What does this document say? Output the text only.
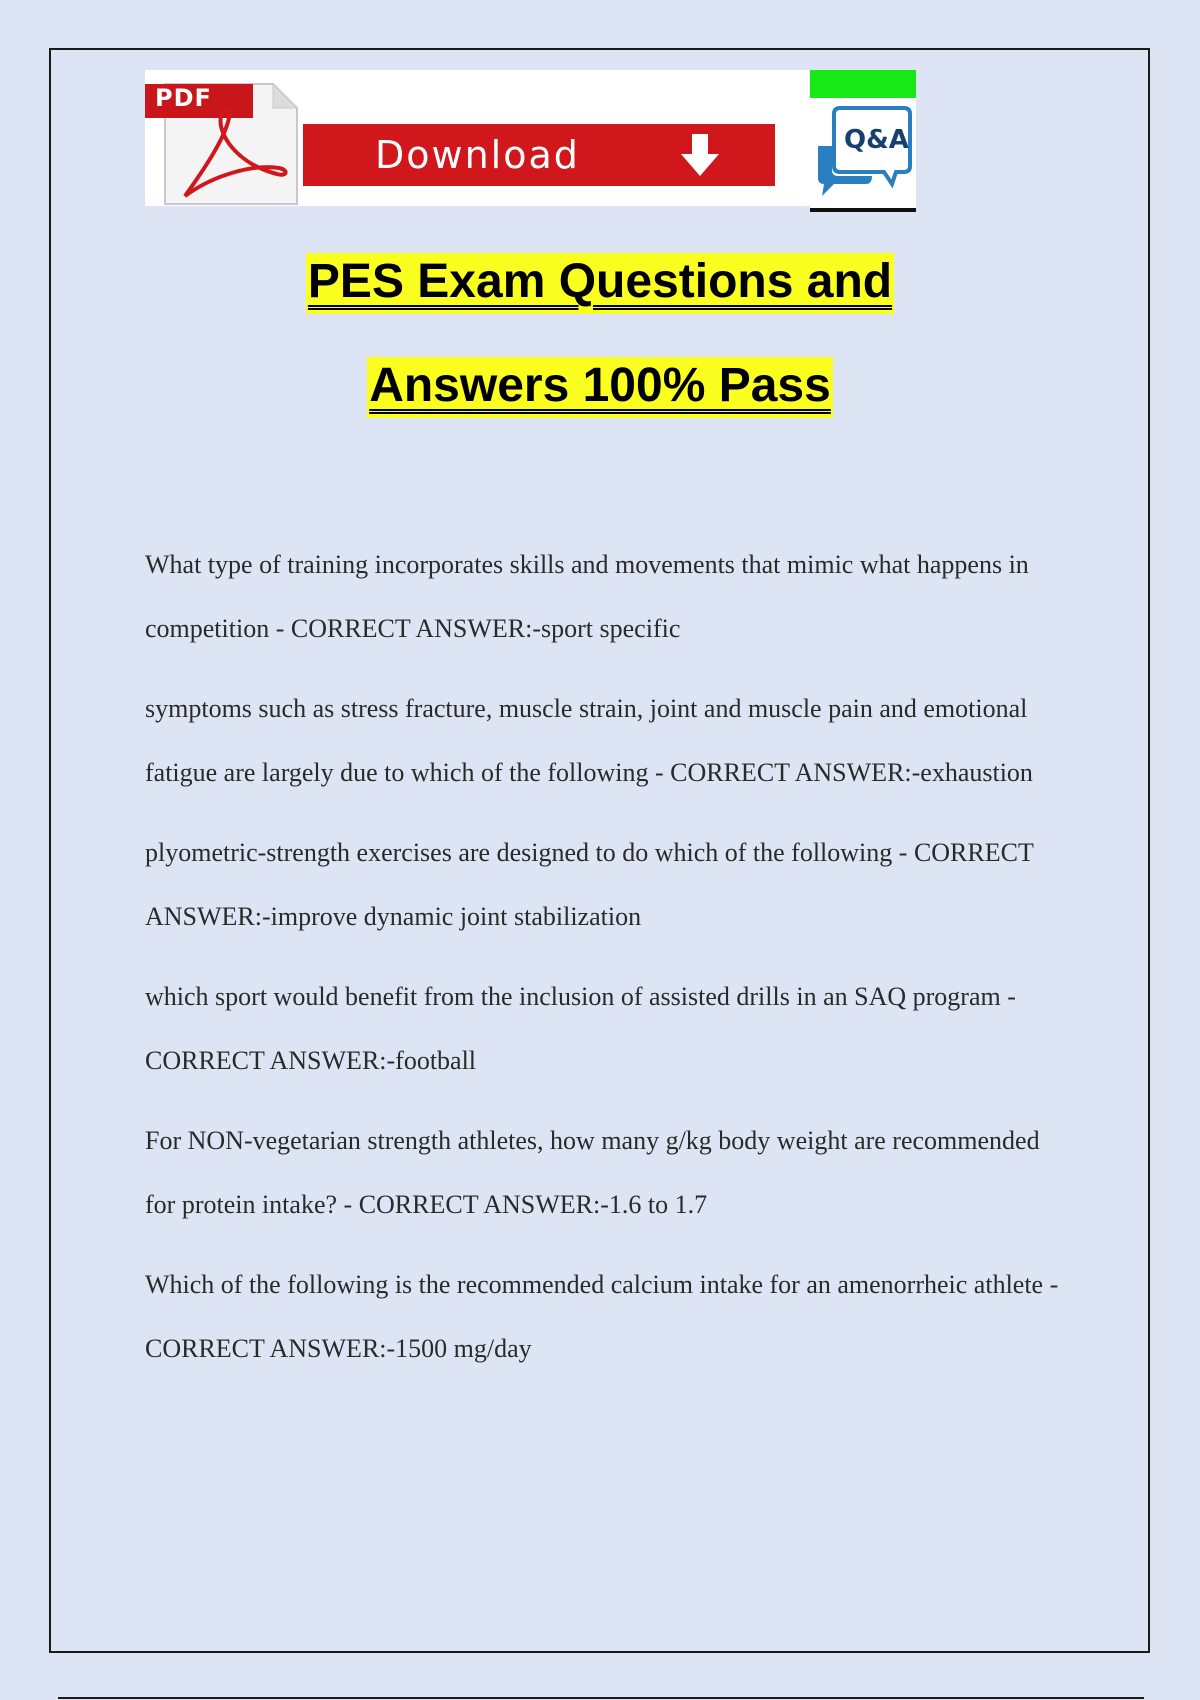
Download
PDF
Q&A
PES Exam Questions and
Answers 100% Pass

What type of training incorporates skills and movements that mimic what happens in competition - CORRECT ANSWER:-sport specific

symptoms such as stress fracture, muscle strain, joint and muscle pain and emotional fatigue are largely due to which of the following - CORRECT ANSWER:-exhaustion

plyometric-strength exercises are designed to do which of the following - CORRECT ANSWER:-improve dynamic joint stabilization

which sport would benefit from the inclusion of assisted drills in an SAQ program - CORRECT ANSWER:-football

For NON-vegetarian strength athletes, how many g/kg body weight are recommended for protein intake? - CORRECT ANSWER:-1.6 to 1.7

Which of the following is the recommended calcium intake for an amenorrheic athlete - CORRECT ANSWER:-1500 mg/day
